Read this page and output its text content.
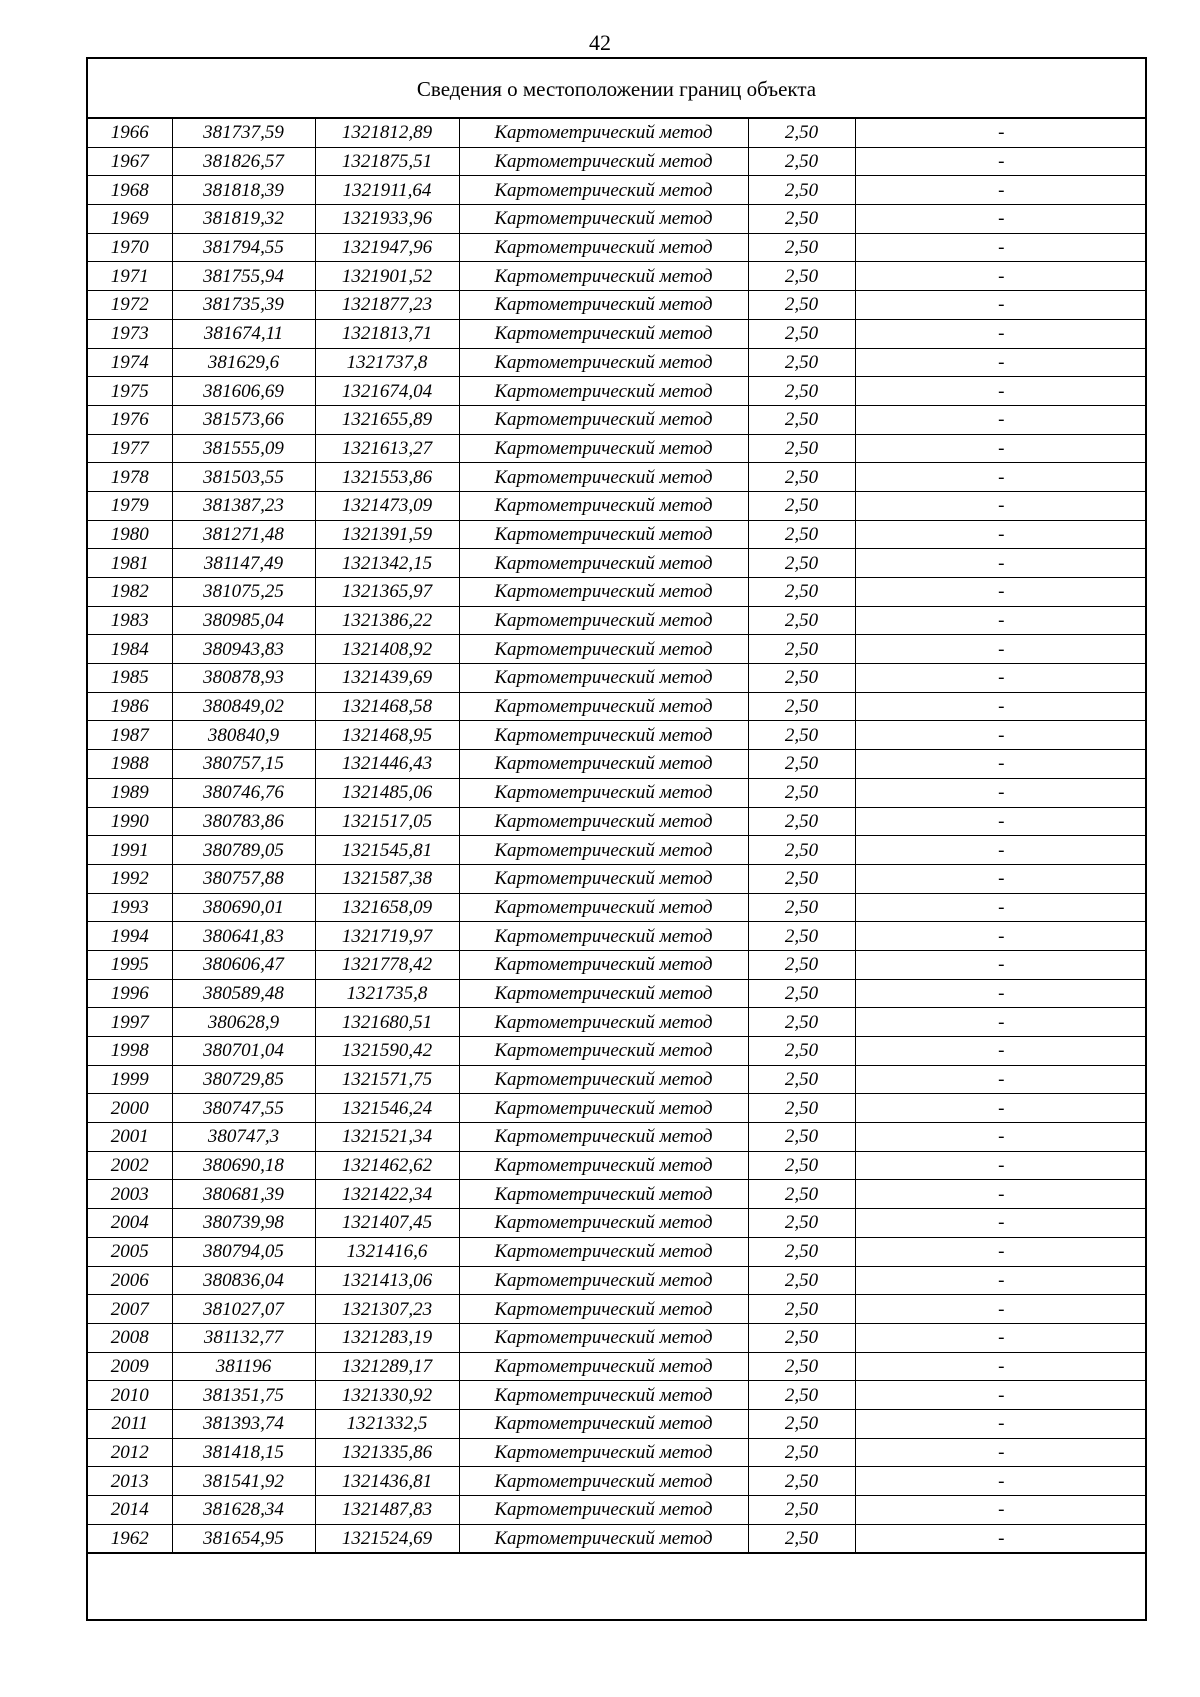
42
Сведения о местоположении границ объекта
1966	381737,59	1321812,89	Картометрический метод	2,50	-
1967	381826,57	1321875,51	Картометрический метод	2,50	-
1968	381818,39	1321911,64	Картометрический метод	2,50	-
1969	381819,32	1321933,96	Картометрический метод	2,50	-
1970	381794,55	1321947,96	Картометрический метод	2,50	-
1971	381755,94	1321901,52	Картометрический метод	2,50	-
1972	381735,39	1321877,23	Картометрический метод	2,50	-
1973	381674,11	1321813,71	Картометрический метод	2,50	-
1974	381629,6	1321737,8	Картометрический метод	2,50	-
1975	381606,69	1321674,04	Картометрический метод	2,50	-
1976	381573,66	1321655,89	Картометрический метод	2,50	-
1977	381555,09	1321613,27	Картометрический метод	2,50	-
1978	381503,55	1321553,86	Картометрический метод	2,50	-
1979	381387,23	1321473,09	Картометрический метод	2,50	-
1980	381271,48	1321391,59	Картометрический метод	2,50	-
1981	381147,49	1321342,15	Картометрический метод	2,50	-
1982	381075,25	1321365,97	Картометрический метод	2,50	-
1983	380985,04	1321386,22	Картометрический метод	2,50	-
1984	380943,83	1321408,92	Картометрический метод	2,50	-
1985	380878,93	1321439,69	Картометрический метод	2,50	-
1986	380849,02	1321468,58	Картометрический метод	2,50	-
1987	380840,9	1321468,95	Картометрический метод	2,50	-
1988	380757,15	1321446,43	Картометрический метод	2,50	-
1989	380746,76	1321485,06	Картометрический метод	2,50	-
1990	380783,86	1321517,05	Картометрический метод	2,50	-
1991	380789,05	1321545,81	Картометрический метод	2,50	-
1992	380757,88	1321587,38	Картометрический метод	2,50	-
1993	380690,01	1321658,09	Картометрический метод	2,50	-
1994	380641,83	1321719,97	Картометрический метод	2,50	-
1995	380606,47	1321778,42	Картометрический метод	2,50	-
1996	380589,48	1321735,8	Картометрический метод	2,50	-
1997	380628,9	1321680,51	Картометрический метод	2,50	-
1998	380701,04	1321590,42	Картометрический метод	2,50	-
1999	380729,85	1321571,75	Картометрический метод	2,50	-
2000	380747,55	1321546,24	Картометрический метод	2,50	-
2001	380747,3	1321521,34	Картометрический метод	2,50	-
2002	380690,18	1321462,62	Картометрический метод	2,50	-
2003	380681,39	1321422,34	Картометрический метод	2,50	-
2004	380739,98	1321407,45	Картометрический метод	2,50	-
2005	380794,05	1321416,6	Картометрический метод	2,50	-
2006	380836,04	1321413,06	Картометрический метод	2,50	-
2007	381027,07	1321307,23	Картометрический метод	2,50	-
2008	381132,77	1321283,19	Картометрический метод	2,50	-
2009	381196	1321289,17	Картометрический метод	2,50	-
2010	381351,75	1321330,92	Картометрический метод	2,50	-
2011	381393,74	1321332,5	Картометрический метод	2,50	-
2012	381418,15	1321335,86	Картометрический метод	2,50	-
2013	381541,92	1321436,81	Картометрический метод	2,50	-
2014	381628,34	1321487,83	Картометрический метод	2,50	-
1962	381654,95	1321524,69	Картометрический метод	2,50	-
